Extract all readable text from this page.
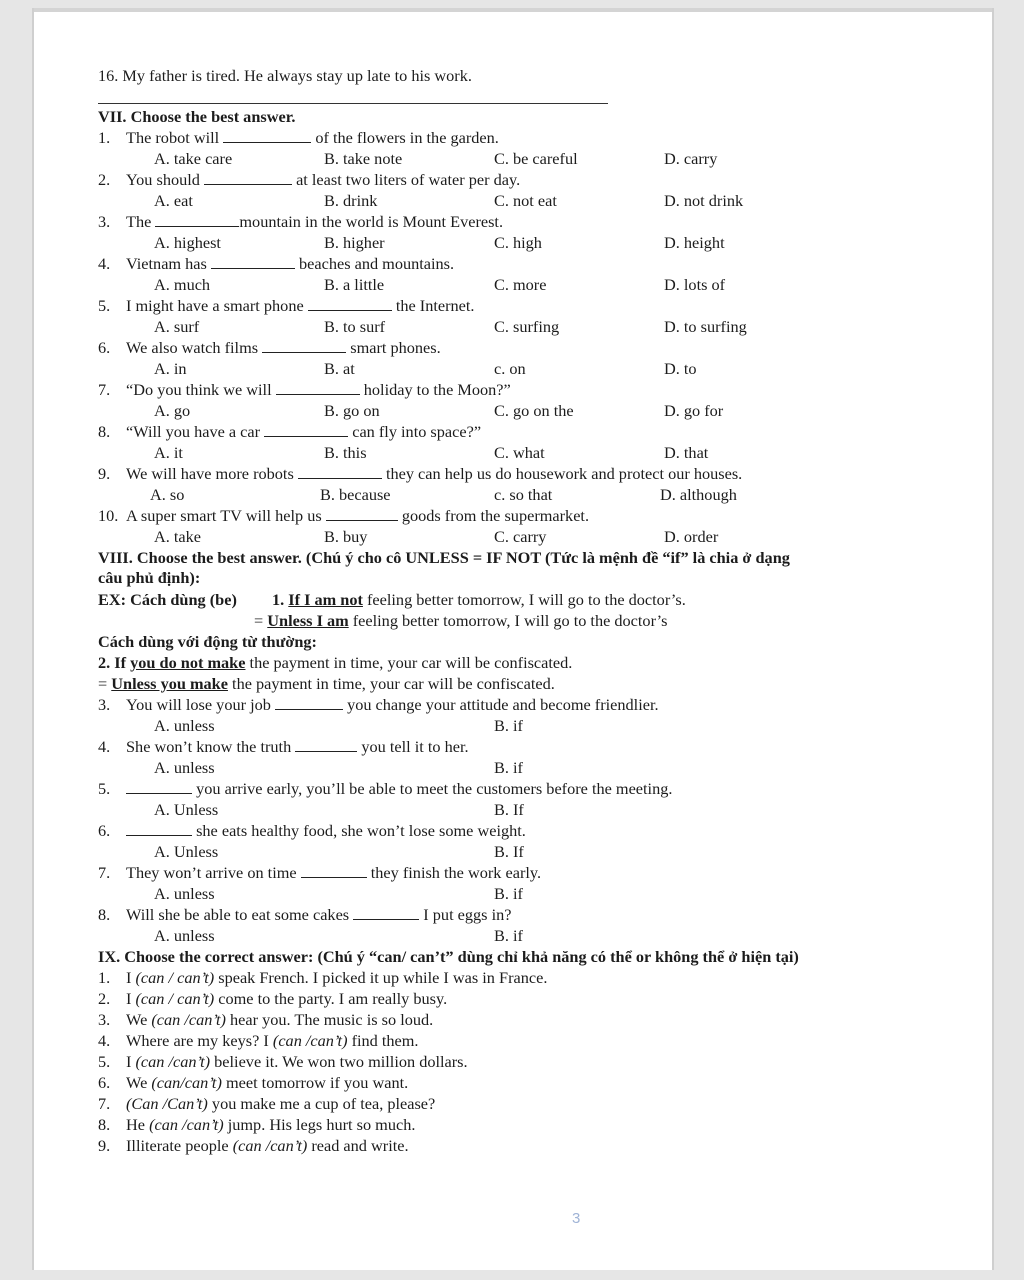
16. My father is tired. He always stay up late to his work.
VII. Choose the best answer.
1. The robot will	of the flowers in the garden.
A. take care	B. take note	C. be careful	D. carry
2. You should	at least two liters of water per day.
A. eat	B. drink	C. not eat	D. not drink
3. The	mountain in the world is Mount Everest.
A. highest	B. higher	C. high	D. height
4. Vietnam has	beaches and mountains.
A. much	B. a little	C. more	D. lots of
5. I might have a smart phone	the Internet.
A. surf	B. to surf	C. surfing	D. to surfing
6. We also watch films	smart phones.
A. in	B. at	c. on	D. to
7. “Do you think we will	holiday to the Moon?”
A. go	B. go on	C. go on the	D. go for
8. “Will you have a car	can fly into space?”
A. it	B. this	C. what	D. that
9. We will have more robots	they can help us do housework and protect our houses.
A. so	B. because	c. so that	D. although
10. A super smart TV will help us	goods from the supermarket.
A. take	B. buy	C. carry	D. order
VIII. Choose the best answer. (Chú ý cho cô UNLESS = IF NOT (Tức là mệnh đề “if” là chia ở dạng
câu phủ định):
EX: Cách dùng (be) 1. If I am not feeling better tomorrow, I will go to the doctor’s.
= Unless I am feeling better tomorrow, I will go to the doctor’s
Cách dùng với động từ thường:
2. If you do not make the payment in time, your car will be confiscated.
= Unless you make the payment in time, your car will be confiscated.
3. You will lose your job	you change your attitude and become friendlier.
A. unless	B. if
4. She won’t know the truth	you tell it to her.
A. unless	B. if
5.	you arrive early, you’ll be able to meet the customers before the meeting.
A. Unless	B. If
6.	she eats healthy food, she won’t lose some weight.
A. Unless	B. If
7. They won’t arrive on time	they finish the work early.
A. unless	B. if
8. Will she be able to eat some cakes	I put eggs in?
A. unless	B. if
IX. Choose the correct answer: (Chú ý “can/ can’t” dùng chỉ khả năng có thể or không thể ở hiện tại)
1. I (can / can’t) speak French. I picked it up while I was in France.
2. I (can / can’t) come to the party. I am really busy.
3. We (can /can’t) hear you. The music is so loud.
4. Where are my keys? I (can /can’t) find them.
5. I (can /can’t) believe it. We won two million dollars.
6. We (can/can’t) meet tomorrow if you want.
7. (Can /Can’t) you make me a cup of tea, please?
8. He (can /can’t) jump. His legs hurt so much.
9. Illiterate people (can /can’t) read and write.
3
